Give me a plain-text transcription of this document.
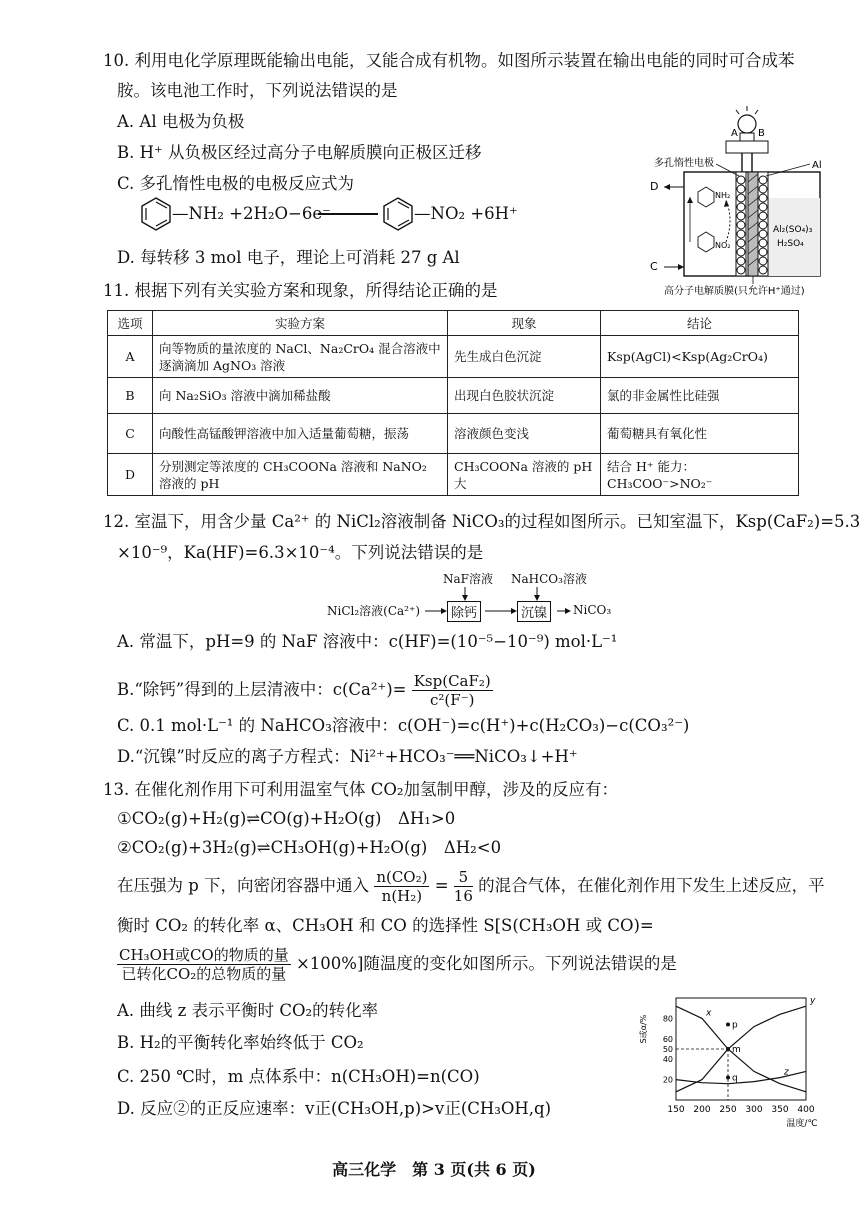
10. 利用电化学原理既能输出电能，又能合成有机物。如图所示装置在输出电能的同时可合成苯
胺。该电池工作时，下列说法错误的是
A. Al 电极为负极
B. H⁺ 从负极区经过高分子电解质膜向正极区迁移
C. 多孔惰性电极的电极反应式为
—NH₂ +2H₂O−6e⁻	—NO₂ +6H⁺
D. 每转移 3 mol 电子，理论上可消耗 27 g Al
A B
多孔惰性电极	Al
D
C
NH₂
NO₂
Al₂(SO₄)₃
H₂SO₄
高分子电解质膜(只允许H⁺通过)
11. 根据下列有关实验方案和现象，所得结论正确的是
选项	实验方案	现象	结论
A	向等物质的量浓度的 NaCl、Na₂CrO₄ 混合溶液中逐滴滴加 AgNO₃ 溶液	先生成白色沉淀	Ksp(AgCl)<Ksp(Ag₂CrO₄)
B	向 Na₂SiO₃ 溶液中滴加稀盐酸	出现白色胶状沉淀	氯的非金属性比硅强
C	向酸性高锰酸钾溶液中加入适量葡萄糖，振荡	溶液颜色变浅	葡萄糖具有氧化性
D	分别测定等浓度的 CH₃COONa 溶液和 NaNO₂ 溶液的 pH	CH₃COONa 溶液的 pH 大	结合 H⁺ 能力：CH₃COO⁻>NO₂⁻
12. 室温下，用含少量 Ca²⁺ 的 NiCl₂溶液制备 NiCO₃的过程如图所示。已知室温下，Ksp(CaF₂)=5.3
×10⁻⁹，Ka(HF)=6.3×10⁻⁴。下列说法错误的是
NaF溶液 NaHCO₃溶液
NiCl₂溶液(Ca²⁺)	除钙	沉镍	NiCO₃
A. 常温下，pH=9 的 NaF 溶液中：c(HF)=(10⁻⁵−10⁻⁹) mol·L⁻¹
B.“除钙”得到的上层清液中：$c(Ca^{2+})= \frac{\text{Ksp(CaF₂)}}{\text{c²(F⁻)}}$
C. 0.1 mol·L⁻¹ 的 NaHCO₃溶液中：c(OH⁻)=c(H⁺)+c(H₂CO₃)−c(CO₃²⁻)
D.“沉镍”时反应的离子方程式：Ni²⁺+HCO₃⁻══NiCO₃↓+H⁺
13. 在催化剂作用下可利用温室气体 CO₂加氢制甲醇，涉及的反应有：
①CO₂(g)+H₂(g)⇌CO(g)+H₂O(g)　ΔH₁>0
②CO₂(g)+3H₂(g)⇌CH₃OH(g)+H₂O(g)　ΔH₂<0
在压强为 p 下，向密闭容器中通入 $\frac{\text{n(CO₂)}}{\text{n(H₂)}} = \frac{5}{16}$ 的混合气体，在催化剂作用下发生上述反应，平
衡时 CO₂ 的转化率 α、CH₃OH 和 CO 的选择性 S[S(CH₃OH 或 CO)=
$\frac{\text{CH₃OH或CO的物质的量}}{\text{已转化CO₂的总物质的量}} \times 100\%$]随温度的变化如图所示。下列说法错误的是
A. 曲线 z 表示平衡时 CO₂的转化率
B. H₂的平衡转化率始终低于 CO₂
C. 250 ℃时，m 点体系中：n(CH₃OH)=n(CO)
D. 反应②的正反应速率：v正(CH₃OH,p)>v正(CH₃OH,q)	150 200 250 300 350 400
20
40
50
60
80
温度/℃
S或α/%
x
y
z
p
m
q
高三化学　第 3 页(共 6 页)
